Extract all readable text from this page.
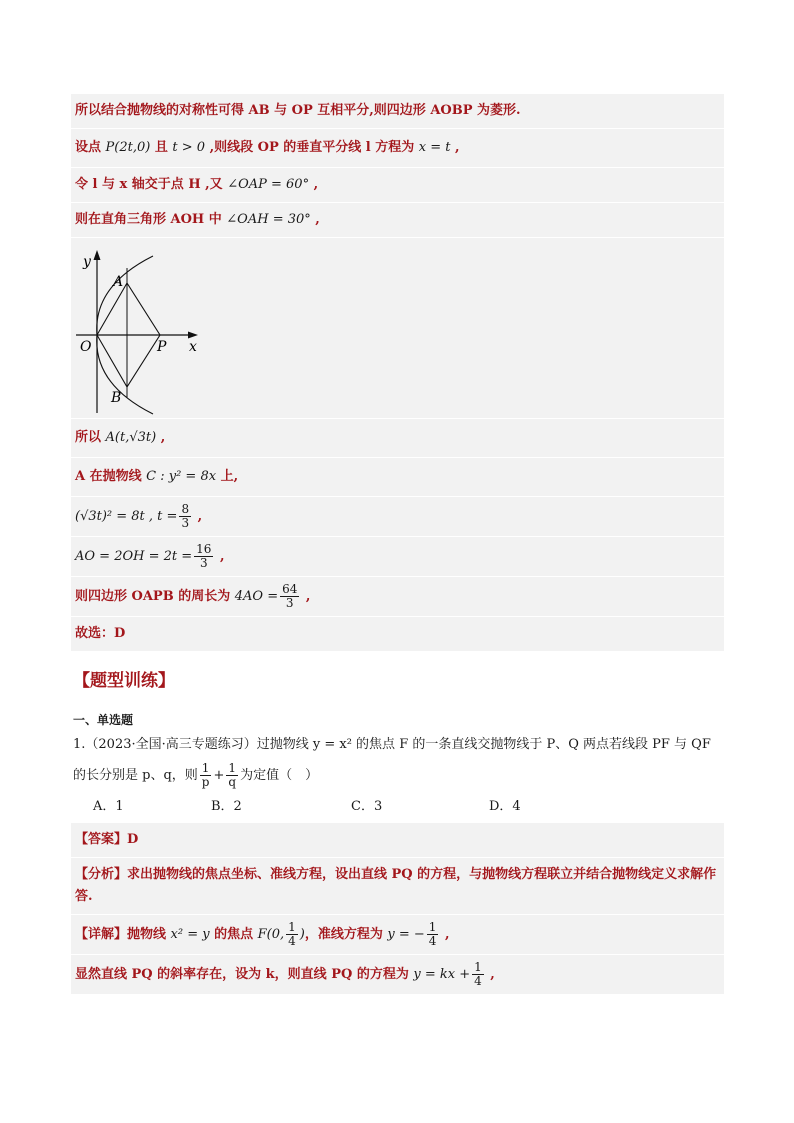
所以结合抛物线的对称性可得 AB 与 OP 互相平分,则四边形 AOBP 为菱形.
设点 P(2t,0) 且 t > 0 ,则线段 OP 的垂直平分线 l 方程为 x = t ,
令 l 与 x 轴交于点 H ,又 ∠OAP = 60° ,
则在直角三角形 AOH 中 ∠OAH = 30° ,
y
x
O
A
B
P
所以 A(t,√3t) ,
A 在抛物线 C : y² = 8x 上,
(√3t)² = 8t , $t = \frac{8}{3}$ ,
AO = $2OH = 2t = \frac{16}{3}$ ,
则四边形 OAPB 的周长为 $4AO = \frac{64}{3}$ ,
故选：D
【题型训练】
一、单选题
1.（2023·全国·高三专题练习）过抛物线 y = x² 的焦点 F 的一条直线交抛物线于 P、Q 两点若线段 PF 与 QF
的长分别是 p、q，则 $\frac{1}{p} + \frac{1}{q}$ 为定值（　）
A．1	B．2	C．3	D．4
【答案】D
【分析】求出抛物线的焦点坐标、准线方程，设出直线 PQ 的方程，与抛物线方程联立并结合抛物线定义求解作答.
【详解】抛物线 x² = y 的焦点 F(0, $\frac{1}{4}$ )，准线方程为 y = − $\frac{1}{4}$ ,
显然直线 PQ 的斜率存在，设为 k，则直线 PQ 的方程为 y = kx + $\frac{1}{4}$ ,
